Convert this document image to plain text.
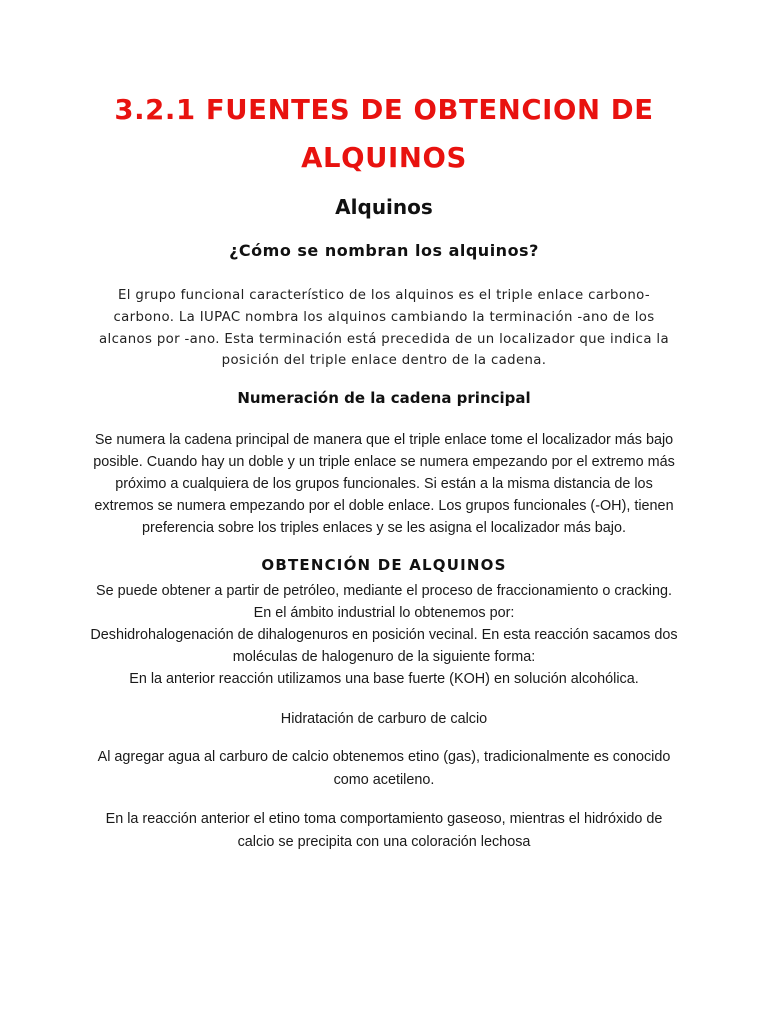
3.2.1 FUENTES DE OBTENCION DE
ALQUINOS
Alquinos
¿Cómo se nombran los alquinos?

El grupo funcional característico de los alquinos es el triple enlace carbono-
carbono. La IUPAC nombra los alquinos cambiando la terminación -ano de los
alcanos por -ano. Esta terminación está precedida de un localizador que indica la
posición del triple enlace dentro de la cadena.

Numeración de la cadena principal

Se numera la cadena principal de manera que el triple enlace tome el localizador más bajo
posible. Cuando hay un doble y un triple enlace se numera empezando por el extremo más
próximo a cualquiera de los grupos funcionales. Si están a la misma distancia de los
extremos se numera empezando por el doble enlace. Los grupos funcionales (-OH), tienen
preferencia sobre los triples enlaces y se les asigna el localizador más bajo.

OBTENCIÓN DE ALQUINOS

Se puede obtener a partir de petróleo, mediante el proceso de fraccionamiento o cracking.
En el ámbito industrial lo obtenemos por:
Deshidrohalogenación de dihalogenuros en posición vecinal. En esta reacción sacamos dos
moléculas de halogenuro de la siguiente forma:
En la anterior reacción utilizamos una base fuerte (KOH) en solución alcohólica.

Hidratación de carburo de calcio

Al agregar agua al carburo de calcio obtenemos etino (gas), tradicionalmente es conocido
como acetileno.

En la reacción anterior el etino toma comportamiento gaseoso, mientras el hidróxido de
calcio se precipita con una coloración lechosa
